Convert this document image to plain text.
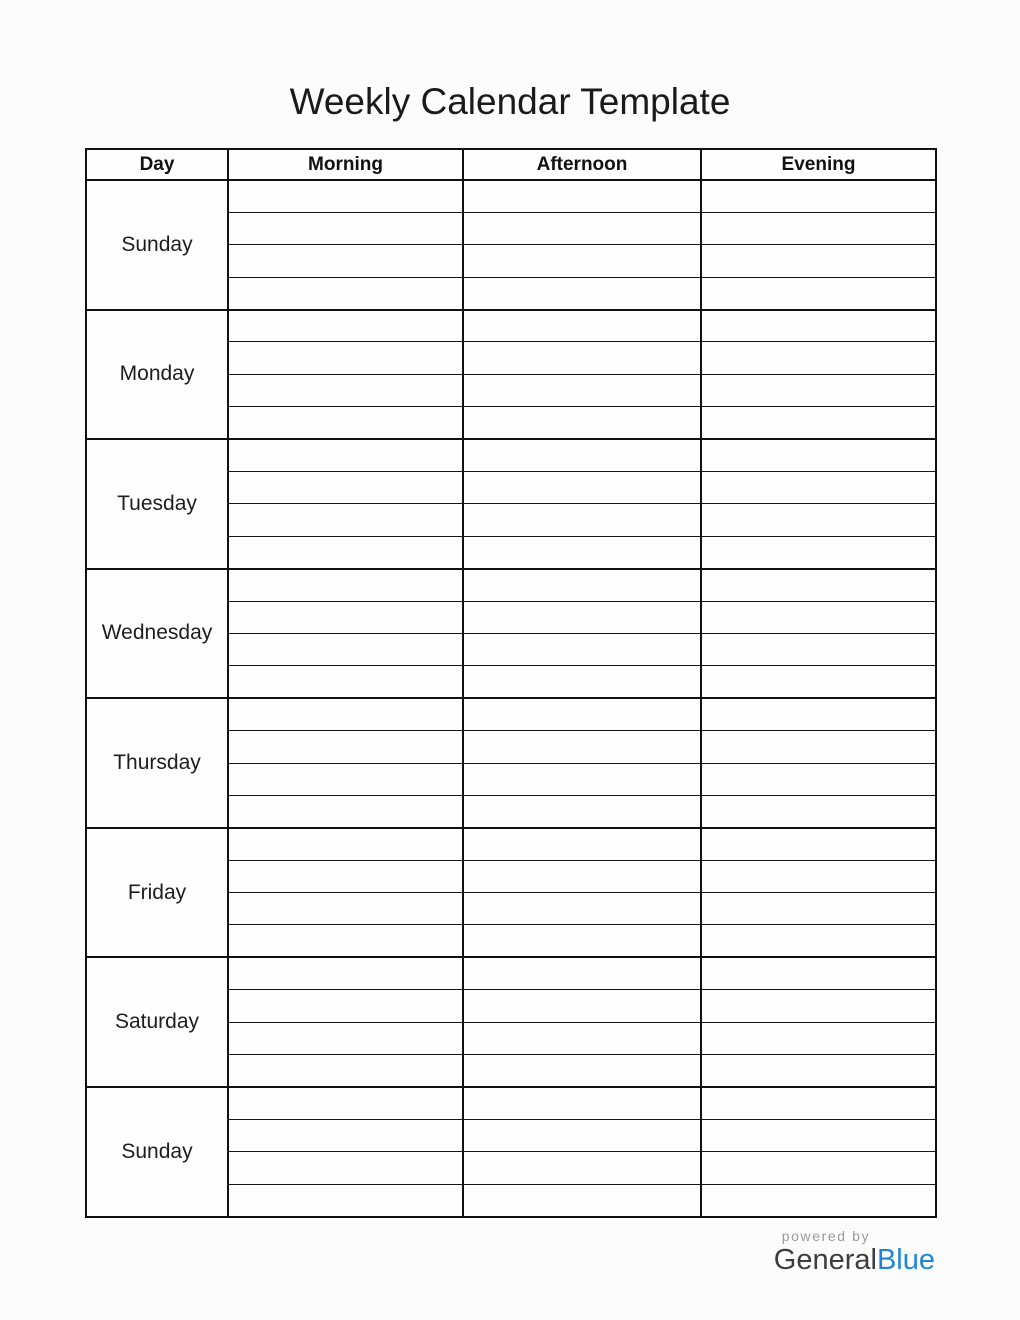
Weekly Calendar Template
Day	Morning	Afternoon	Evening
Sunday			

Monday			

Tuesday			

Wednesday			

Thursday			

Friday			

Saturday			

Sunday			

powered by
GeneralBlue
